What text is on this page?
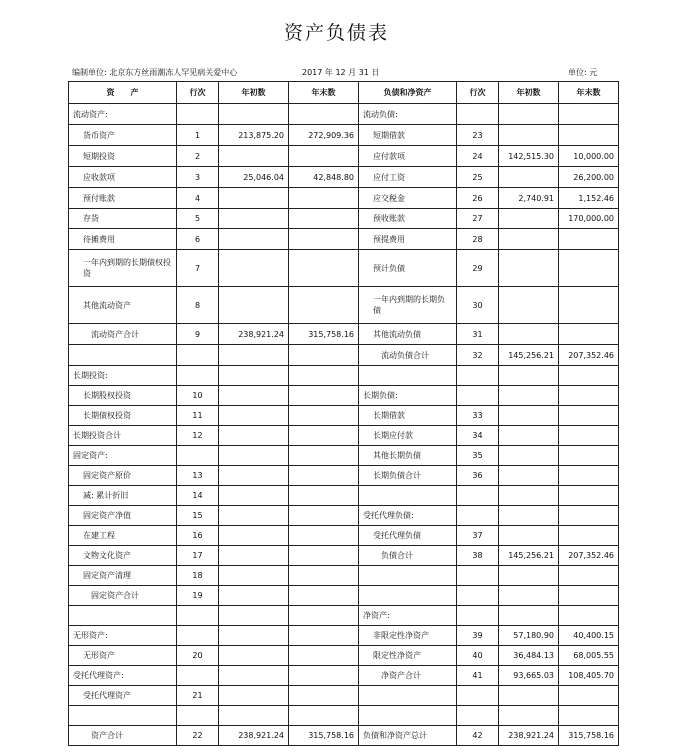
资产负债表
编制单位: 北京东方丝雨潮冻人罕见病关爱中心	2017 年 12 月 31 日	单位: 元
资　　产	行次	年初数	年末数	负债和净资产	行次	年初数	年末数
流动资产:				流动负债:			
货币资产	1	213,875.20	272,909.36	短期借款	23		
短期投资	2			应付款项	24	142,515.30	10,000.00
应收款项	3	25,046.04	42,848.80	应付工资	25		26,200.00
预付账款	4			应交税金	26	2,740.91	1,152.46
存货	5			预收账款	27		170,000.00
待摊费用	6			预提费用	28		
一年内到期的长期债权投资	7			预计负债	29		
其他流动资产	8			一年内到期的长期负债	30		
流动资产合计	9	238,921.24	315,758.16	其他流动负债	31		
				流动负债合计	32	145,256.21	207,352.46
长期投资:							
长期股权投资	10			长期负债:			
长期债权投资	11			长期借款	33		
长期投资合计	12			长期应付款	34		
固定资产:				其他长期负债	35		
固定资产原价	13			长期负债合计	36		
减: 累计折旧	14						
固定资产净值	15			受托代理负债:			
在建工程	16			受托代理负债	37		
文物文化资产	17			负债合计	38	145,256.21	207,352.46
固定资产清理	18						
固定资产合计	19						
				净资产:			
无形资产:				非限定性净资产	39	57,180.90	40,400.15
无形资产	20			限定性净资产	40	36,484.13	68,005.55
受托代理资产:				净资产合计	41	93,665.03	108,405.70
受托代理资产	21						

资产合计	22	238,921.24	315,758.16	负债和净资产总计	42	238,921.24	315,758.16
